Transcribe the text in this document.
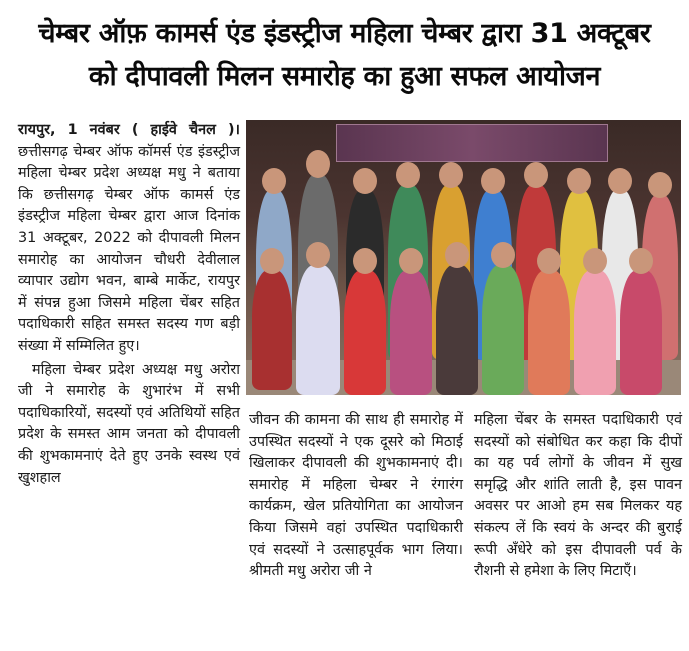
चेम्बर ऑफ़ कामर्स एंड इंडस्ट्रीज महिला चेम्बर द्वारा 31 अक्टूबर
को दीपावली मिलन समारोह का हुआ सफल आयोजन

रायपुर, 1 नवंबर ( हाईवे चैनल )। छत्तीसगढ़ चेम्बर ऑफ कॉमर्स एंड इंडस्ट्रीज महिला चेम्बर प्रदेश अध्यक्ष मधु ने बताया कि छत्तीसगढ़ चेम्बर ऑफ कामर्स एंड इंडस्ट्रीज महिला चेम्बर द्वारा आज दिनांक 31 अक्टूबर, 2022 को दीपावली मिलन समारोह का आयोजन चौधरी देवीलाल व्यापार उद्योग भवन, बाम्बे मार्केट, रायपुर में संपन्न हुआ जिसमे महिला चेंबर सहित पदाधिकारी सहित समस्त सदस्य गण बड़ी संख्या में सम्मिलित हुए।

महिला चेम्बर प्रदेश अध्यक्ष मधु अरोरा जी ने समारोह के शुभारंभ में सभी पदाधिकारियों, सदस्यों एवं अतिथियों सहित प्रदेश के समस्त आम जनता को दीपावली की शुभकामनाएं देते हुए उनके स्वस्थ एवं खुशहाल

जीवन की कामना की साथ ही समारोह में उपस्थित सदस्यों ने एक दूसरे को मिठाई खिलाकर दीपावली की शुभकामनाएं दी। समारोह में महिला चेम्बर ने रंगारंग कार्यक्रम, खेल प्रतियोगिता का आयोजन किया जिसमे वहां उपस्थित पदाधिकारी एवं सदस्यों ने उत्साहपूर्वक भाग लिया। श्रीमती मधु अरोरा जी ने

महिला चेंबर के समस्त पदाधिकारी एवं सदस्यों को संबोधित कर कहा कि दीपों का यह पर्व लोगों के जीवन में सुख समृद्धि और शांति लाती है, इस पावन अवसर पर आओ हम सब मिलकर यह संकल्प लें कि स्वयं के अन्दर की बुराई रूपी अँधेरे को इस दीपावली पर्व के रौशनी से हमेशा के लिए मिटाएँ।
